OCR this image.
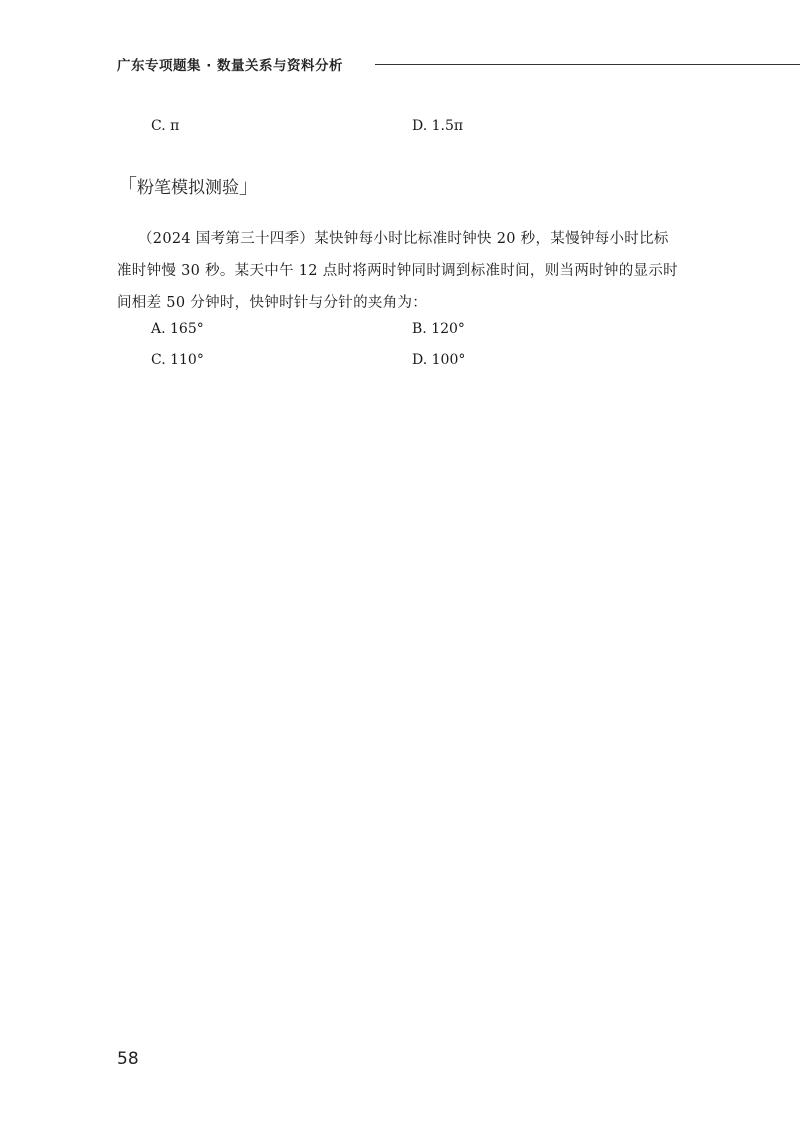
广东专项题集 · 数量关系与资料分析
C. π	D. 1.5π
「粉笔模拟测验」
（2024 国考第三十四季）某快钟每小时比标准时钟快 20 秒，某慢钟每小时比标
准时钟慢 30 秒。某天中午 12 点时将两时钟同时调到标准时间，则当两时钟的显示时
间相差 50 分钟时，快钟时针与分针的夹角为：
A. 165°	B. 120°
C. 110°	D. 100°
58
